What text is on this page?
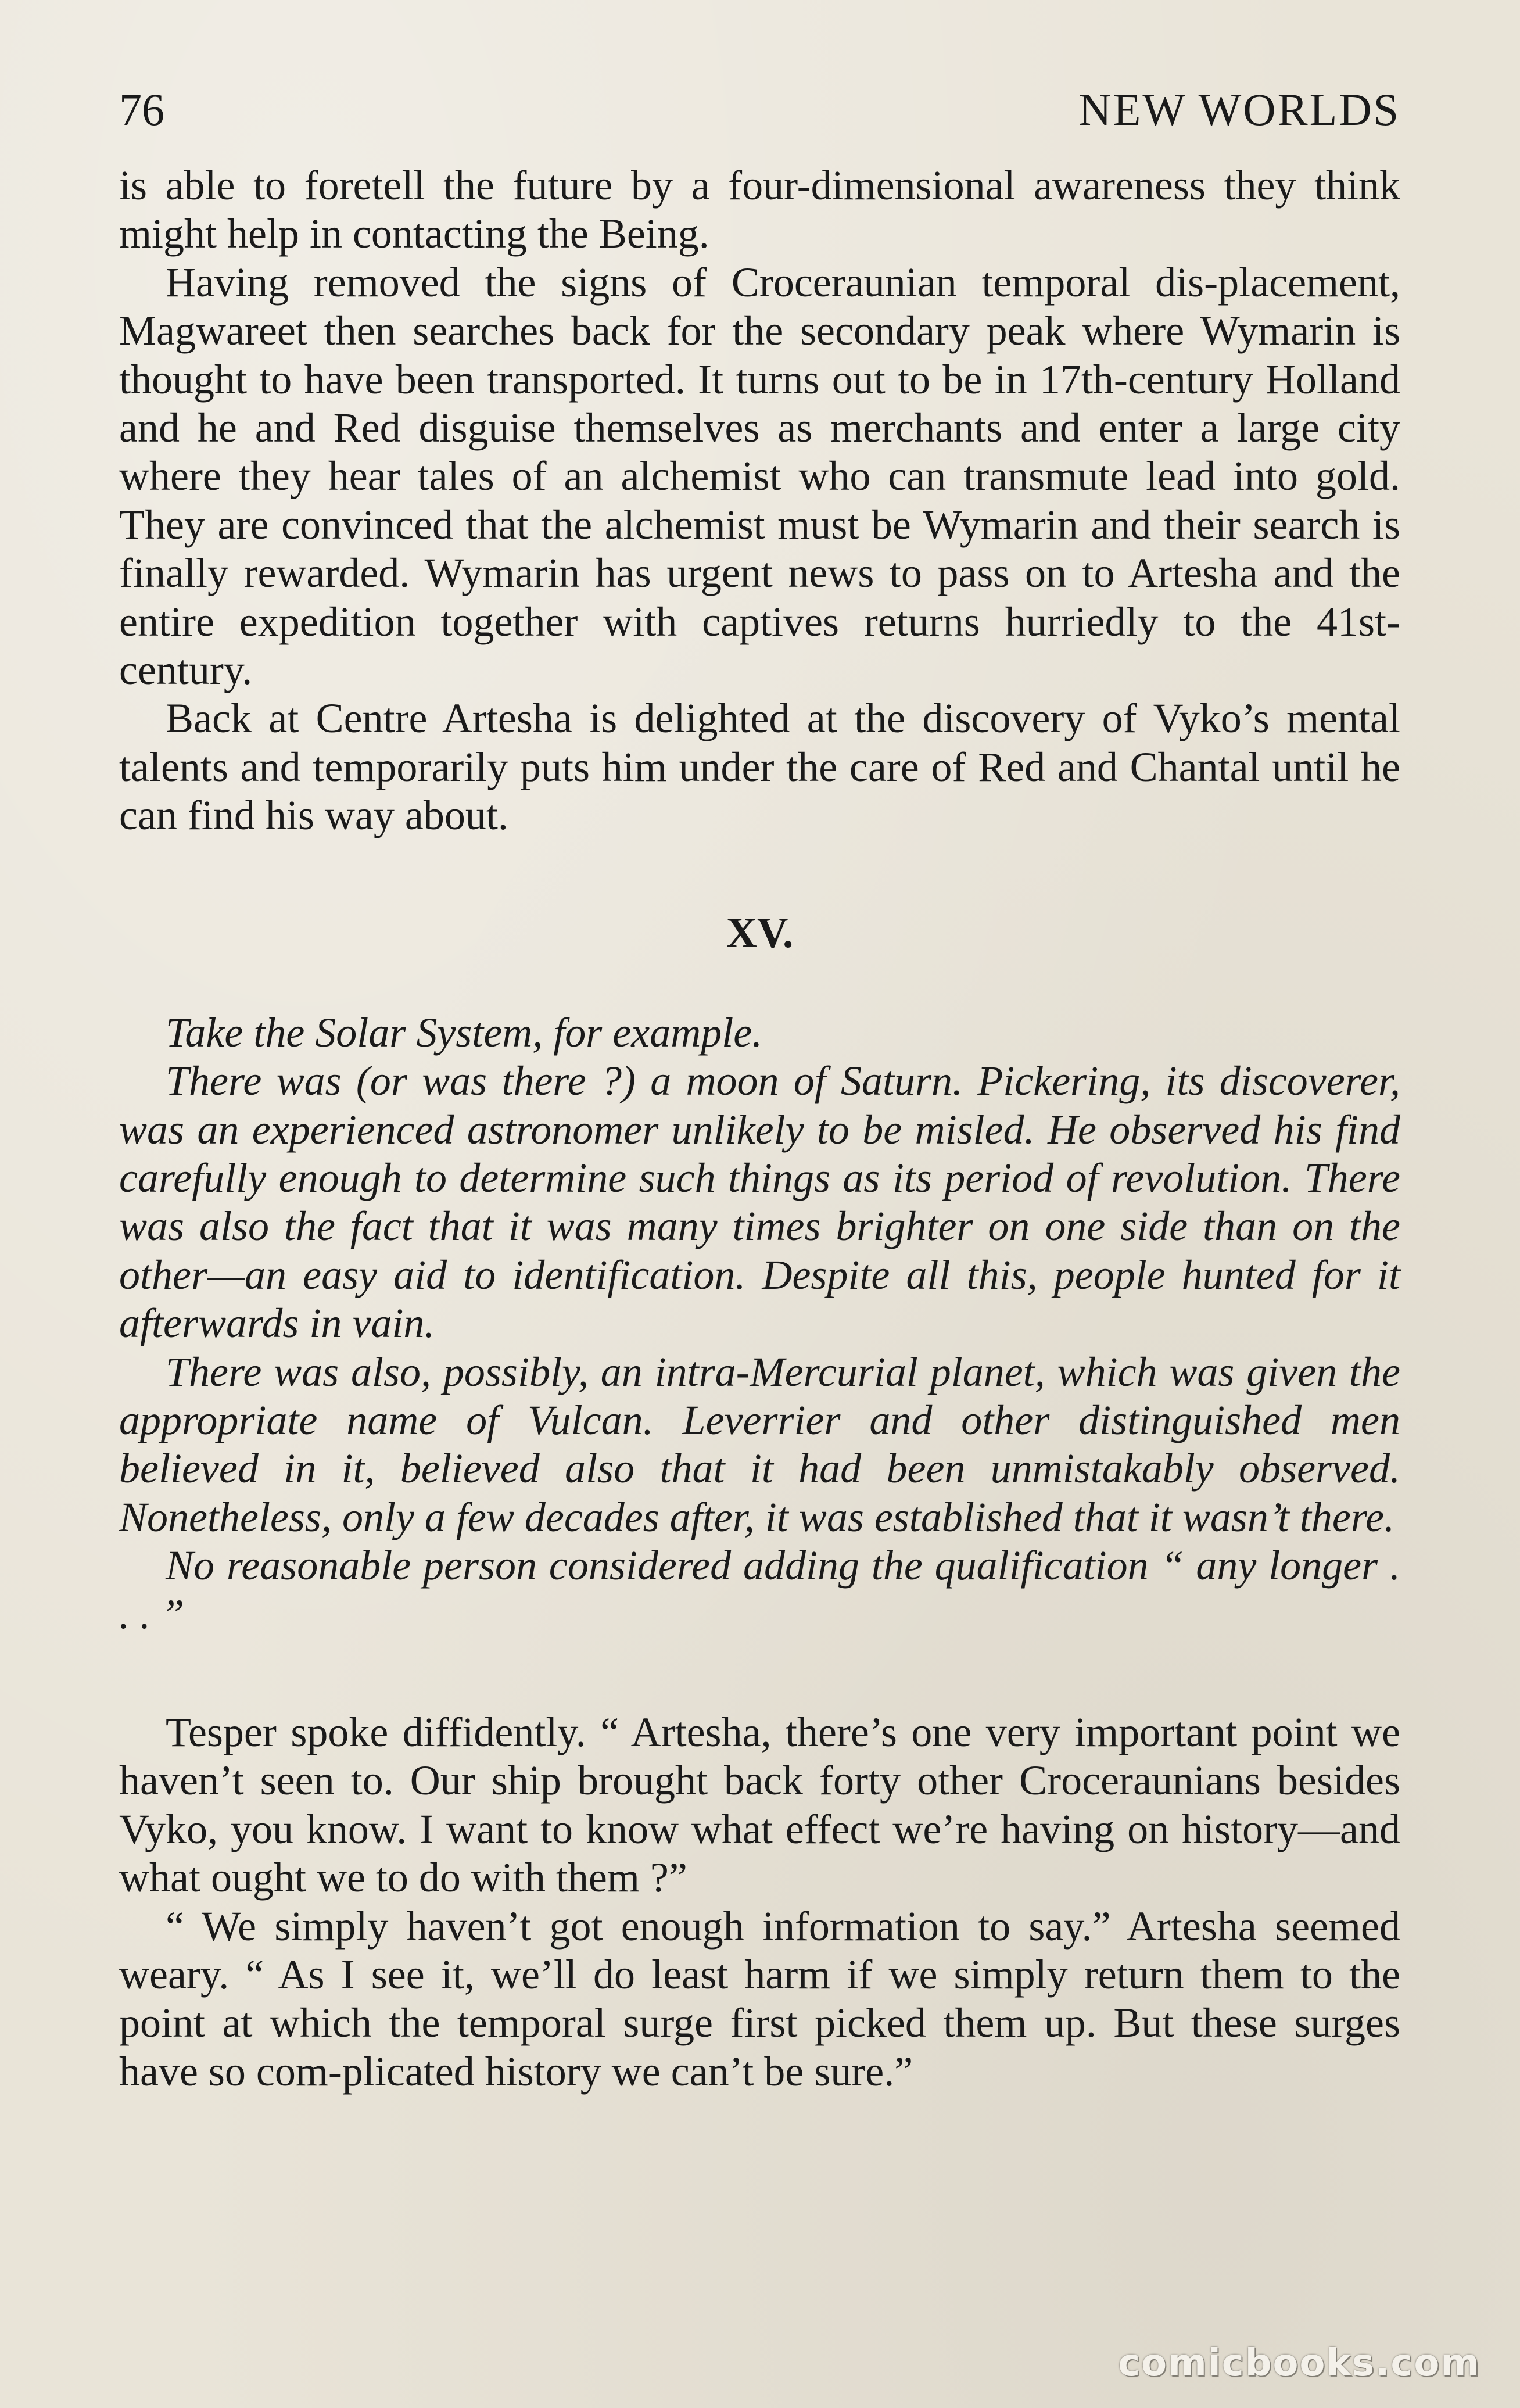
76	NEW WORLDS

is able to foretell the future by a four-dimensional awareness they think might help in contacting the Being.

Having removed the signs of Croceraunian temporal dis-placement, Magwareet then searches back for the secondary peak where Wymarin is thought to have been transported. It turns out to be in 17th-century Holland and he and Red disguise themselves as merchants and enter a large city where they hear tales of an alchemist who can transmute lead into gold. They are convinced that the alchemist must be Wymarin and their search is finally rewarded. Wymarin has urgent news to pass on to Artesha and the entire expedition together with captives returns hurriedly to the 41st-century.

Back at Centre Artesha is delighted at the discovery of Vyko’s mental talents and temporarily puts him under the care of Red and Chantal until he can find his way about.

XV.

Take the Solar System, for example.

There was (or was there ?) a moon of Saturn. Pickering, its discoverer, was an experienced astronomer unlikely to be misled. He observed his find carefully enough to determine such things as its period of revolution. There was also the fact that it was many times brighter on one side than on the other—an easy aid to identification. Despite all this, people hunted for it afterwards in vain.

There was also, possibly, an intra-Mercurial planet, which was given the appropriate name of Vulcan. Leverrier and other distinguished men believed in it, believed also that it had been unmistakably observed. Nonetheless, only a few decades after, it was established that it wasn’t there.

No reasonable person considered adding the qualification “ any longer . . . ”

Tesper spoke diffidently. “ Artesha, there’s one very important point we haven’t seen to. Our ship brought back forty other Croceraunians besides Vyko, you know. I want to know what effect we’re having on history—and what ought we to do with them ?”

“ We simply haven’t got enough information to say.” Artesha seemed weary. “ As I see it, we’ll do least harm if we simply return them to the point at which the temporal surge first picked them up. But these surges have so com-plicated history we can’t be sure.”

comicbooks.com
